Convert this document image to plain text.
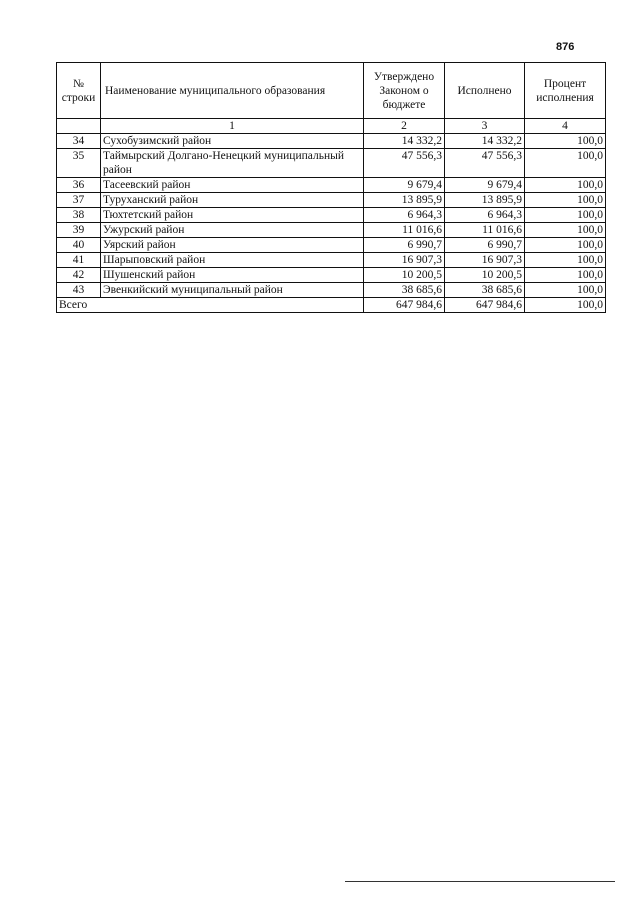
876
№ строки	Наименование муниципального образования	Утверждено Законом о бюджете	Исполнено	Процент исполнения
	1	2	3	4
34	Сухобузимский район	14 332,2	14 332,2	100,0
35	Таймырский Долгано-Ненецкий муниципальный район	47 556,3	47 556,3	100,0
36	Тасеевский район	9 679,4	9 679,4	100,0
37	Туруханский район	13 895,9	13 895,9	100,0
38	Тюхтетский район	6 964,3	6 964,3	100,0
39	Ужурский район	11 016,6	11 016,6	100,0
40	Уярский район	6 990,7	6 990,7	100,0
41	Шарыповский район	16 907,3	16 907,3	100,0
42	Шушенский район	10 200,5	10 200,5	100,0
43	Эвенкийский муниципальный район	38 685,6	38 685,6	100,0
Всего		647 984,6	647 984,6	100,0
